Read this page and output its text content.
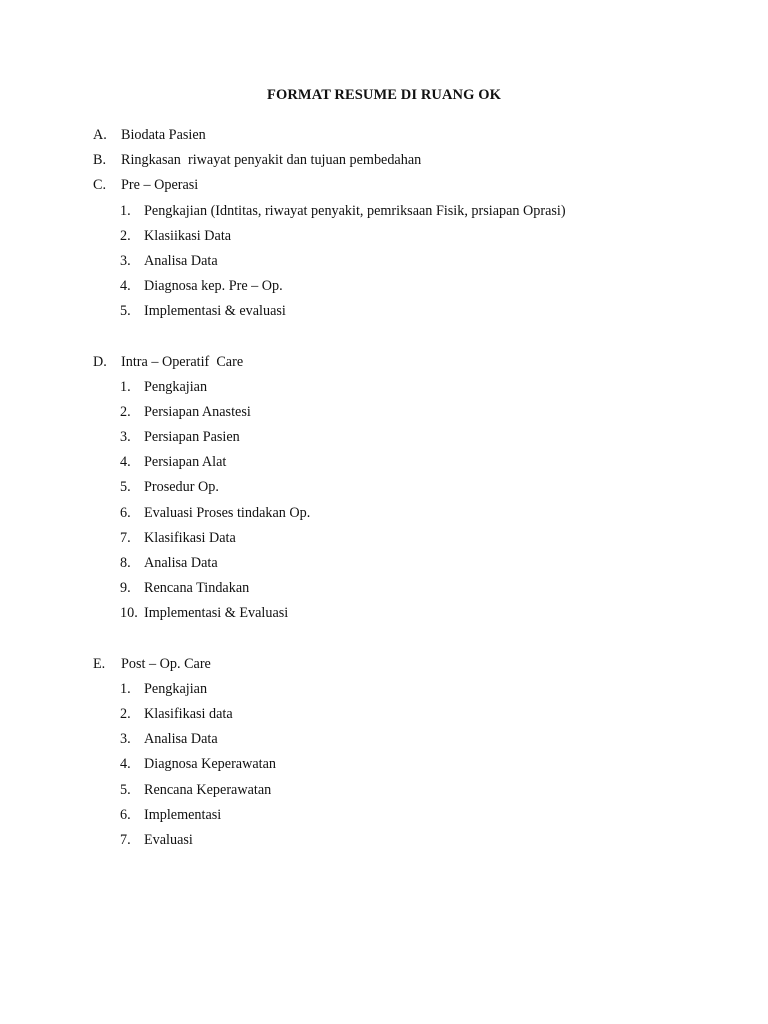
FORMAT RESUME DI RUANG OK
A.	Biodata Pasien
B.	Ringkasan  riwayat penyakit dan tujuan pembedahan
C.	Pre – Operasi
1. Pengkajian (Idntitas, riwayat penyakit, pemriksaan Fisik, prsiapan Oprasi)
2. Klasiikasi Data
3. Analisa Data
4. Diagnosa kep. Pre – Op.
5. Implementasi & evaluasi
D.	Intra – Operatif  Care
1. Pengkajian
2. Persiapan Anastesi
3. Persiapan Pasien
4. Persiapan Alat
5. Prosedur Op.
6. Evaluasi Proses tindakan Op.
7. Klasifikasi Data
8. Analisa Data
9. Rencana Tindakan
10. Implementasi & Evaluasi
E.	Post – Op. Care
1. Pengkajian
2. Klasifikasi data
3. Analisa Data
4. Diagnosa Keperawatan
5. Rencana Keperawatan
6. Implementasi
7. Evaluasi
